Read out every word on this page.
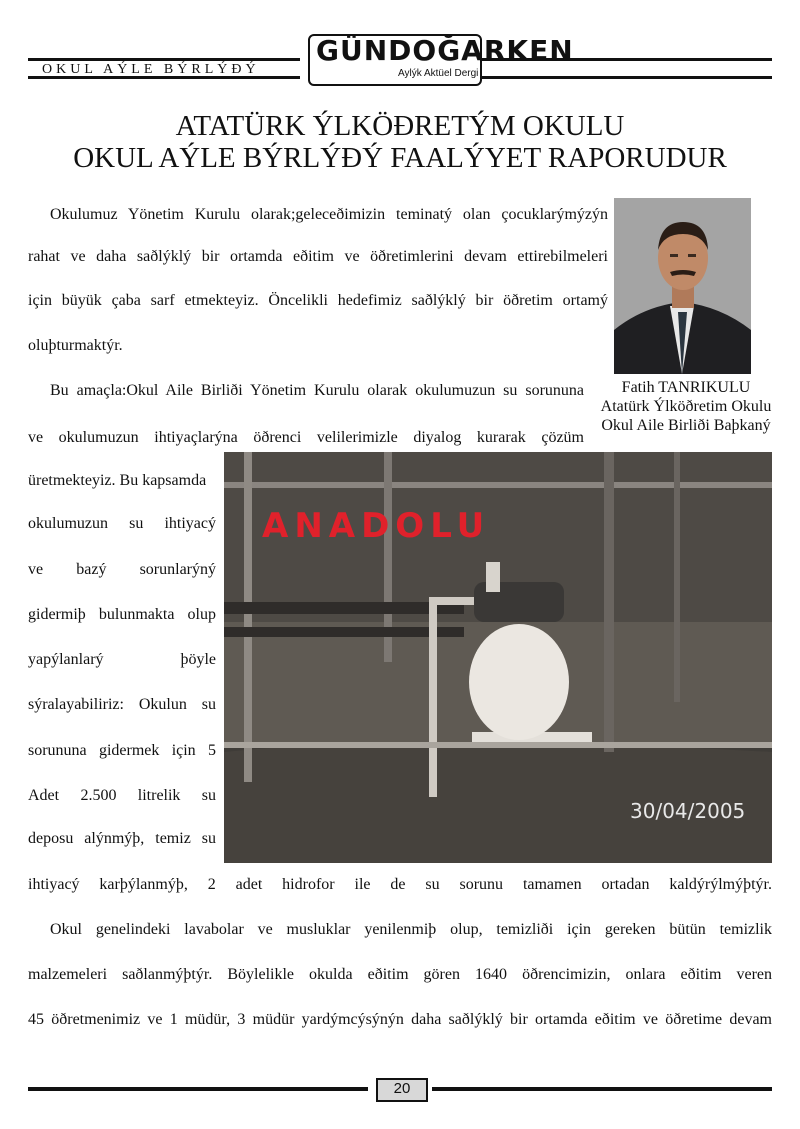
OKUL AÝLE BÝRLÝÐÝ
GÜNDOĞARKEN
Aylýk Aktüel Dergi
ATATÜRK ÝLKÖÐRETÝM OKULU
OKUL AÝLE BÝRLÝÐÝ FAALÝYET RAPORUDUR
Fatih TANRIKULU
Atatürk Ýlköðretim Okulu
Okul Aile Birliði Baþkaný
ANADOLU
30/04/2005
Okulumuz Yönetim Kurulu olarak;geleceðimizin teminatý olan çocuklarýmýzýn
rahat ve daha saðlýklý bir ortamda eðitim ve öðretimlerini devam ettirebilmeleri
için büyük çaba sarf etmekteyiz. Öncelikli hedefimiz saðlýklý bir öðretim ortamý
oluþturmaktýr.
Bu amaçla:Okul Aile Birliði Yönetim Kurulu olarak okulumuzun su sorununa
ve okulumuzun ihtiyaçlarýna öðrenci velilerimizle diyalog kurarak çözüm
üretmekteyiz. Bu kapsamda
okulumuzun su ihtiyacý
ve bazý sorunlarýný
gidermiþ bulunmakta olup
yapýlanlarý þöyle
sýralayabiliriz: Okulun su
sorununa gidermek için 5
Adet 2.500 litrelik su
deposu alýnmýþ, temiz su
ihtiyacý karþýlanmýþ, 2 adet hidrofor ile de su sorunu tamamen ortadan kaldýrýlmýþtýr.
Okul genelindeki lavabolar ve musluklar yenilenmiþ olup, temizliði için gereken bütün temizlik
malzemeleri saðlanmýþtýr. Böylelikle okulda eðitim gören 1640 öðrencimizin, onlara eðitim veren
45 öðretmenimiz ve 1 müdür, 3 müdür yardýmcýsýnýn daha saðlýklý bir ortamda eðitim ve öðretime devam
20
